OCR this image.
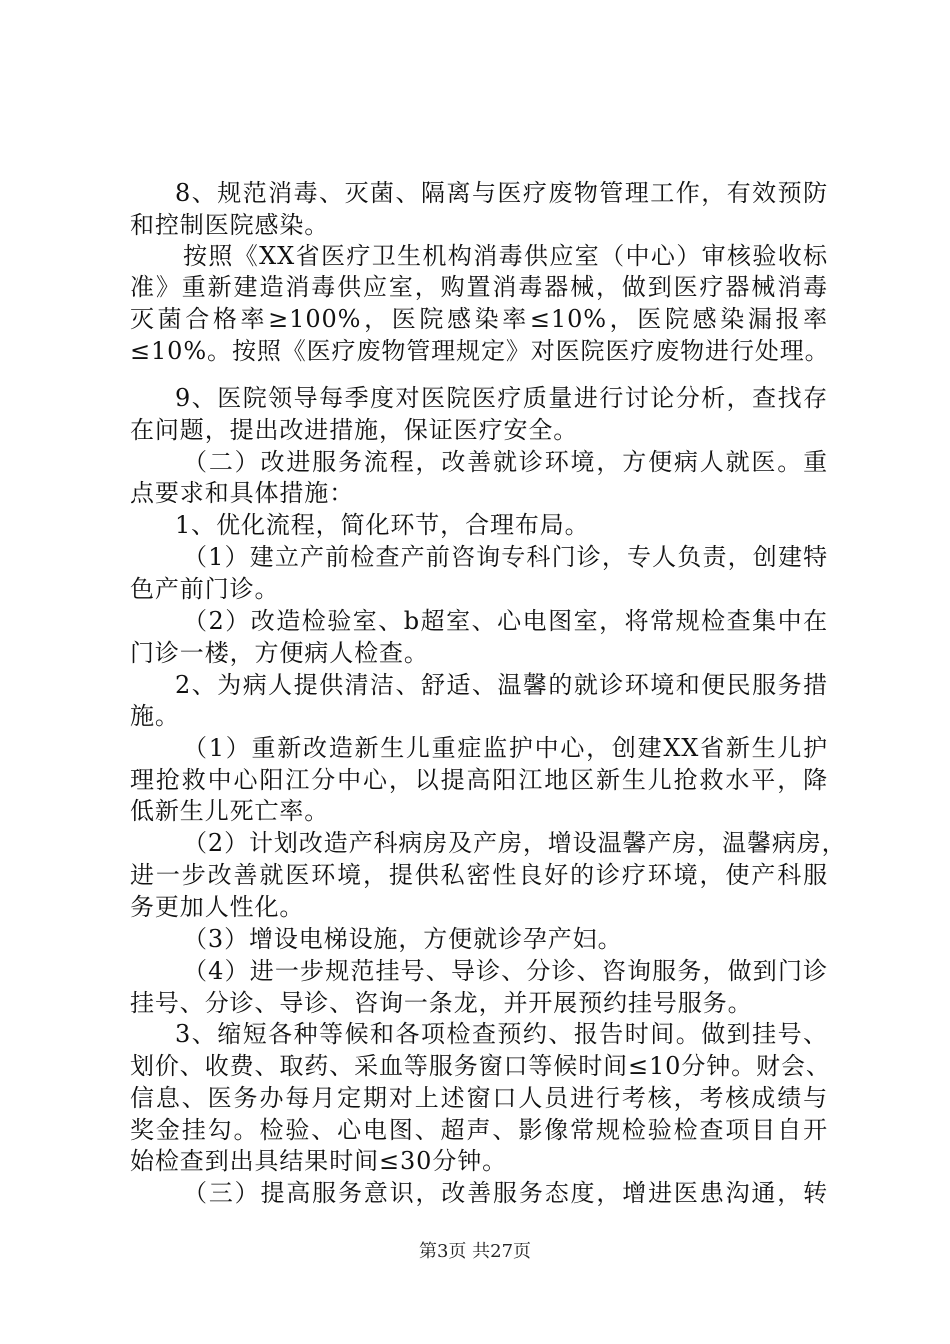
8、规范消毒、灭菌、隔离与医疗废物管理工作，有效预防
和控制医院感染。
按照《XX省医疗卫生机构消毒供应室（中心）审核验收标
准》重新建造消毒供应室，购置消毒器械，做到医疗器械消毒
灭菌合格率≥100%，医院感染率≤10%，医院感染漏报率
≤10%。按照《医疗废物管理规定》对医院医疗废物进行处理。
9、医院领导每季度对医院医疗质量进行讨论分析，查找存
在问题，提出改进措施，保证医疗安全。
（二）改进服务流程，改善就诊环境，方便病人就医。重
点要求和具体措施：
1、优化流程，简化环节，合理布局。
（1）建立产前检查产前咨询专科门诊，专人负责，创建特
色产前门诊。
（2）改造检验室、b超室、心电图室，将常规检查集中在
门诊一楼，方便病人检查。
2、为病人提供清洁、舒适、温馨的就诊环境和便民服务措
施。
（1）重新改造新生儿重症监护中心，创建XX省新生儿护
理抢救中心阳江分中心，以提高阳江地区新生儿抢救水平，降
低新生儿死亡率。
（2）计划改造产科病房及产房，增设温馨产房，温馨病房，
进一步改善就医环境，提供私密性良好的诊疗环境，使产科服
务更加人性化。
（3）增设电梯设施，方便就诊孕产妇。
（4）进一步规范挂号、导诊、分诊、咨询服务，做到门诊
挂号、分诊、导诊、咨询一条龙，并开展预约挂号服务。
3、缩短各种等候和各项检查预约、报告时间。做到挂号、
划价、收费、取药、采血等服务窗口等候时间≤10分钟。财会、
信息、医务办每月定期对上述窗口人员进行考核，考核成绩与
奖金挂勾。检验、心电图、超声、影像常规检验检查项目自开
始检查到出具结果时间≤30分钟。
（三）提高服务意识，改善服务态度，增进医患沟通，转
第3页 共27页
